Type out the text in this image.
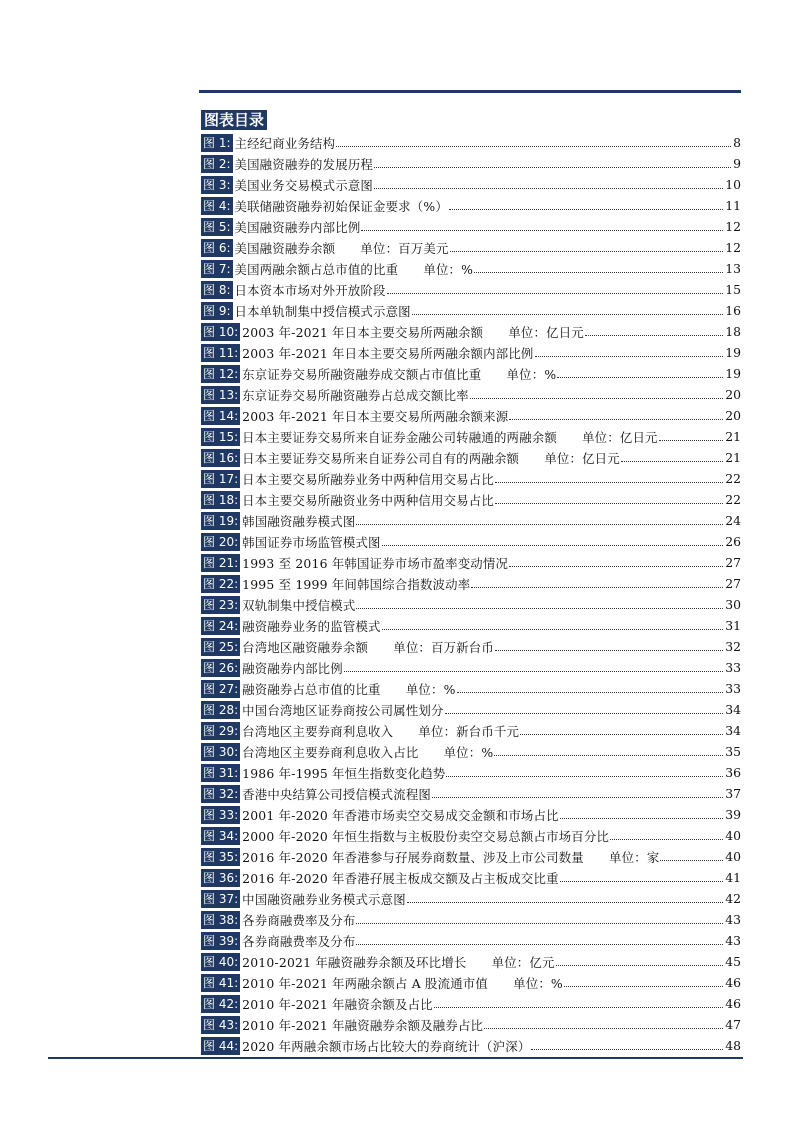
图表目录
图 1: 主经纪商业务结构	8
图 2: 美国融资融券的发展历程	9
图 3: 美国业务交易模式示意图	10
图 4: 美联储融资融券初始保证金要求（%）	11
图 5: 美国融资融券内部比例	12
图 6: 美国融资融券余额　　单位：百万美元	12
图 7: 美国两融余额占总市值的比重　　单位：%	13
图 8: 日本资本市场对外开放阶段	15
图 9: 日本单轨制集中授信模式示意图	16
图 10: 2003 年-2021 年日本主要交易所两融余额　　单位：亿日元	18
图 11: 2003 年-2021 年日本主要交易所两融余额内部比例	19
图 12: 东京证券交易所融资融券成交额占市值比重　　单位：%	19
图 13: 东京证券交易所融资融券占总成交额比率	20
图 14: 2003 年-2021 年日本主要交易所两融余额来源	20
图 15: 日本主要证券交易所来自证券金融公司转融通的两融余额　　单位：亿日元	21
图 16: 日本主要证券交易所来自证券公司自有的两融余额　　单位：亿日元	21
图 17: 日本主要交易所融券业务中两种信用交易占比	22
图 18: 日本主要交易所融资业务中两种信用交易占比	22
图 19: 韩国融资融券模式图	24
图 20: 韩国证券市场监管模式图	26
图 21: 1993 至 2016 年韩国证券市场市盈率变动情况	27
图 22: 1995 至 1999 年间韩国综合指数波动率	27
图 23: 双轨制集中授信模式	30
图 24: 融资融券业务的监管模式	31
图 25: 台湾地区融资融券余额　　单位：百万新台币	32
图 26: 融资融券内部比例	33
图 27: 融资融券占总市值的比重　　单位：%	33
图 28: 中国台湾地区证券商按公司属性划分	34
图 29: 台湾地区主要券商利息收入　　单位：新台币千元	34
图 30: 台湾地区主要券商利息收入占比　　单位：%	35
图 31: 1986 年-1995 年恒生指数变化趋势	36
图 32: 香港中央结算公司授信模式流程图	37
图 33: 2001 年-2020 年香港市场卖空交易成交金额和市场占比	39
图 34: 2000 年-2020 年恒生指数与主板股份卖空交易总额占市场百分比	40
图 35: 2016 年-2020 年香港参与孖展券商数量、涉及上市公司数量　　单位：家	40
图 36: 2016 年-2020 年香港孖展主板成交额及占主板成交比重	41
图 37: 中国融资融券业务模式示意图	42
图 38: 各券商融费率及分布	43
图 39: 各券商融费率及分布	43
图 40: 2010-2021 年融资融券余额及环比增长　　单位：亿元	45
图 41: 2010 年-2021 年两融余额占 A 股流通市值　　单位：%	46
图 42: 2010 年-2021 年融资余额及占比	46
图 43: 2010 年-2021 年融资融券余额及融券占比	47
图 44: 2020 年两融余额市场占比较大的券商统计（沪深）	48
